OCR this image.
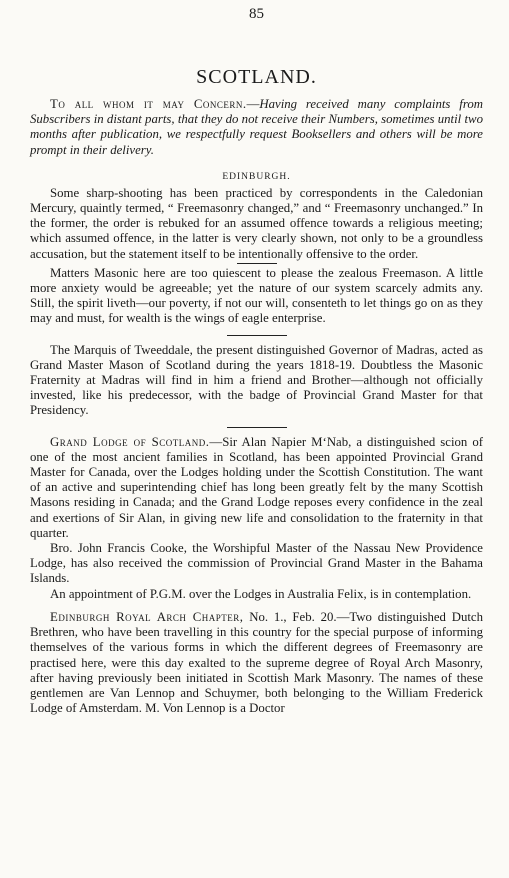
85
SCOTLAND.

To all whom it may Concern.—Having received many complaints from Subscribers in distant parts, that they do not receive their Numbers, sometimes until two months after publication, we respectfully request Booksellers and others will be more prompt in their delivery.

EDINBURGH.

Some sharp-shooting has been practiced by correspondents in the Caledonian Mercury, quaintly termed, “ Freemasonry changed,” and “ Freemasonry unchanged.” In the former, the order is rebuked for an assumed offence towards a religious meeting; which assumed offence, in the latter is very clearly shown, not only to be a groundless accusation, but the statement itself to be intentionally offensive to the order.

Matters Masonic here are too quiescent to please the zealous Freemason. A little more anxiety would be agreeable; yet the nature of our system scarcely admits any. Still, the spirit liveth—our poverty, if not our will, consenteth to let things go on as they may and must, for wealth is the wings of eagle enterprise.

The Marquis of Tweeddale, the present distinguished Governor of Madras, acted as Grand Master Mason of Scotland during the years 1818-19. Doubtless the Masonic Fraternity at Madras will find in him a friend and Brother—although not officially invested, like his predecessor, with the badge of Provincial Grand Master for that Presidency.

Grand Lodge of Scotland.—Sir Alan Napier M‘Nab, a distinguished scion of one of the most ancient families in Scotland, has been appointed Provincial Grand Master for Canada, over the Lodges holding under the Scottish Constitution. The want of an active and superintending chief has long been greatly felt by the many Scottish Masons residing in Canada; and the Grand Lodge reposes every confidence in the zeal and exertions of Sir Alan, in giving new life and consolidation to the fraternity in that quarter.

Bro. John Francis Cooke, the Worshipful Master of the Nassau New Providence Lodge, has also received the commission of Provincial Grand Master in the Bahama Islands.

An appointment of P.G.M. over the Lodges in Australia Felix, is in contemplation.

Edinburgh Royal Arch Chapter, No. 1., Feb. 20.—Two distinguished Dutch Brethren, who have been travelling in this country for the special purpose of informing themselves of the various forms in which the different degrees of Freemasonry are practised here, were this day exalted to the supreme degree of Royal Arch Masonry, after having previously been initiated in Scottish Mark Masonry. The names of these gentlemen are Van Lennop and Schuymer, both belonging to the William Frederick Lodge of Amsterdam. M. Von Lennop is a Doctor
